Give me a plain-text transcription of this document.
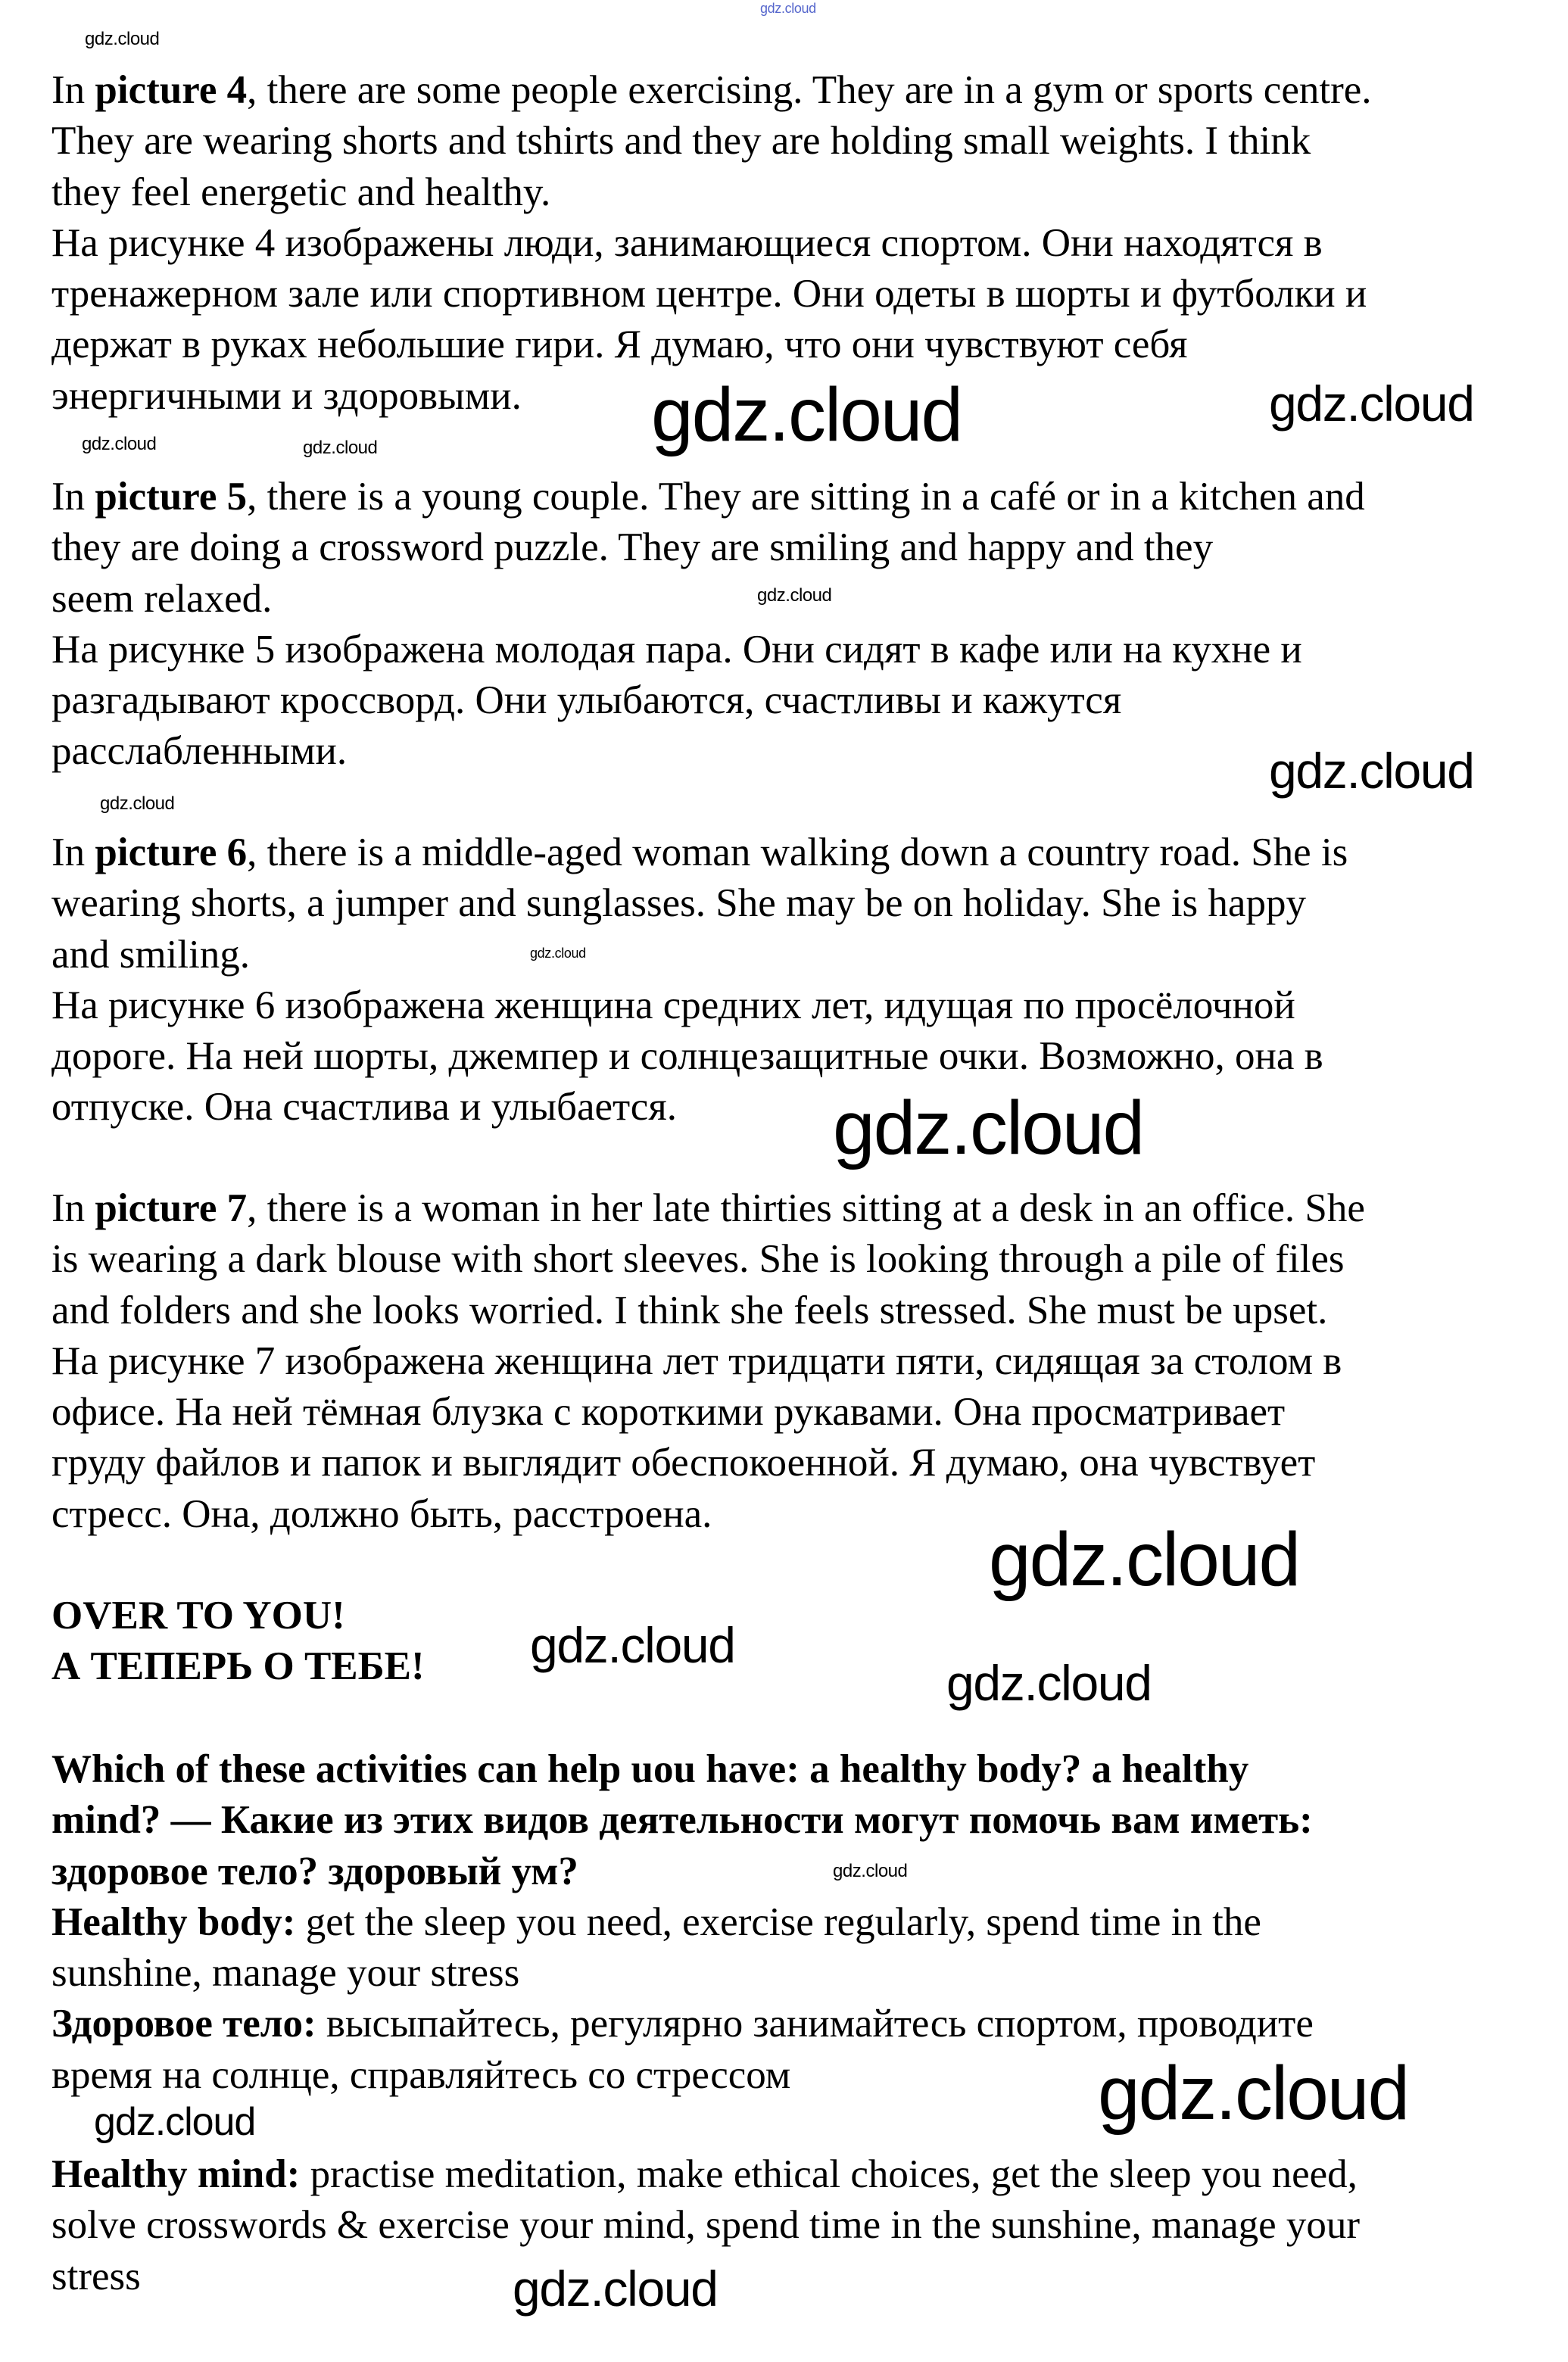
In picture 4, there are some people exercising. They are in a gym or sports centre.
They are wearing shorts and tshirts and they are holding small weights. I think
they feel energetic and healthy.
На рисунке 4 изображены люди, занимающиеся спортом. Они находятся в
тренажерном зале или спортивном центре. Они одеты в шорты и футболки и
держат в руках небольшие гири. Я думаю, что они чувствуют себя
энергичными и здоровыми.
In picture 5, there is a young couple. They are sitting in a café or in a kitchen and
they are doing a crossword puzzle. They are smiling and happy and they
seem relaxed.
На рисунке 5 изображена молодая пара. Они сидят в кафе или на кухне и
разгадывают кроссворд. Они улыбаются, счастливы и кажутся
расслабленными.
In picture 6, there is a middle-aged woman walking down a country road. She is
wearing shorts, a jumper and sunglasses. She may be on holiday. She is happy
and smiling.
На рисунке 6 изображена женщина средних лет, идущая по просёлочной
дороге. На ней шорты, джемпер и солнцезащитные очки. Возможно, она в
отпуске. Она счастлива и улыбается.
In picture 7, there is a woman in her late thirties sitting at a desk in an office. She
is wearing a dark blouse with short sleeves. She is looking through a pile of files
and folders and she looks worried. I think she feels stressed. She must be upset.
На рисунке 7 изображена женщина лет тридцати пяти, сидящая за столом в
офисе. На ней тёмная блузка с короткими рукавами. Она просматривает
груду файлов и папок и выглядит обеспокоенной. Я думаю, она чувствует
стресс. Она, должно быть, расстроена.
OVER TO YOU!
А ТЕПЕРЬ О ТЕБЕ!
Which of these activities can help uou have: a healthy body? a healthy
mind? — Какие из этих видов деятельности могут помочь вам иметь:
здоровое тело? здоровый ум?
Healthy body: get the sleep you need, exercise regularly, spend time in the
sunshine, manage your stress
Здоровое тело: высыпайтесь, регулярно занимайтесь спортом, проводите
время на солнце, справляйтесь со стрессом
Healthy mind: practise meditation, make ethical choices, get the sleep you need,
solve crosswords & exercise your mind, spend time in the sunshine, manage your
stress
gdz.cloud
gdz.cloud
gdz.cloud
gdz.cloud	gdz.cloud
gdz.cloud
gdz.cloud
gdz.cloud
gdz.cloud
gdz.cloud
gdz.cloud
gdz.cloud
gdz.cloud
gdz.cloud
gdz.cloud
gdz.cloud
gdz.cloud
gdz.cloud
